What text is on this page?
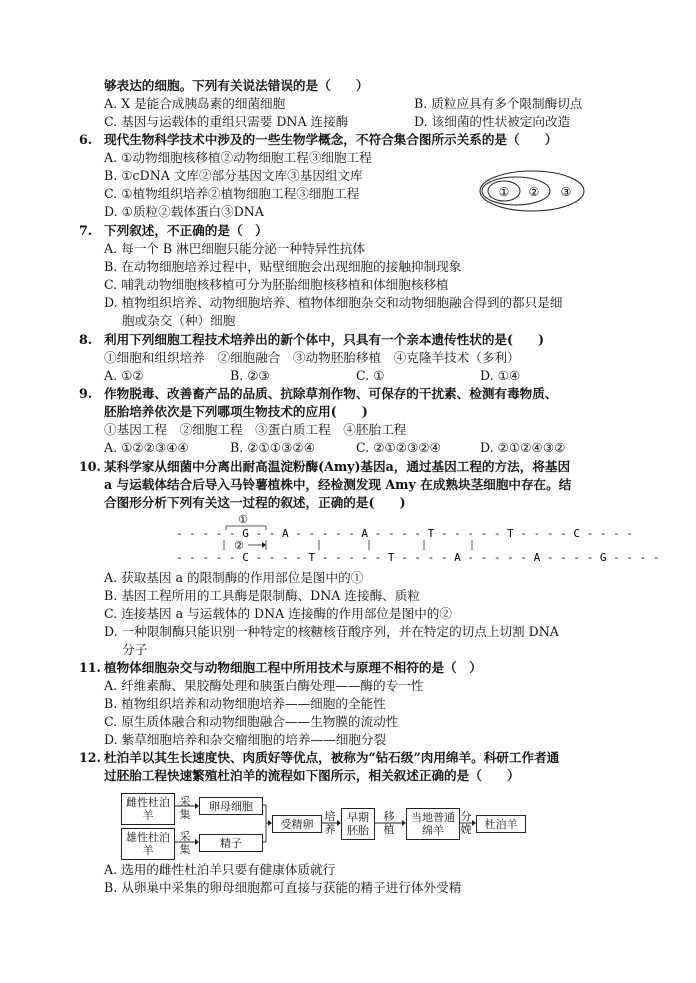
够表达的细胞。下列有关说法错误的是（　　）
A. X 是能合成胰岛素的细菌细胞	B. 质粒应具有多个限制酶切点
C. 基因与运载体的重组只需要 DNA 连接酶	D. 该细菌的性状被定向改造
6. 现代生物科学技术中涉及的一些生物学概念，不符合集合图所示关系的是（　　）
A. ①动物细胞核移植②动物细胞工程③细胞工程
B. ①cDNA 文库②部分基因文库③基因组文库
C. ①植物组织培养②植物细胞工程③细胞工程
D. ①质粒②载体蛋白③DNA
① ② ③
7. 下列叙述，不正确的是（　）
A. 每一个 B 淋巴细胞只能分泌一种特异性抗体
B. 在动物细胞培养过程中，贴壁细胞会出现细胞的接触抑制现象
C. 哺乳动物细胞核移植可分为胚胎细胞核移植和体细胞核移植
D. 植物组织培养、动物细胞培养、植物体细胞杂交和动物细胞融合得到的都只是细
胞或杂交（种）细胞
8. 利用下列细胞工程技术培养出的新个体中，只具有一个亲本遗传性状的是(　　)
①细胞和组织培养　②细胞融合　③动物胚胎移植　④克隆羊技术（多利）
A. ①②	B. ②③	C. ①	D. ①④
9. 作物脱毒、改善畜产品的品质、抗除草剂作物、可保存的干扰素、检测有毒物质、
胚胎培养依次是下列哪项生物技术的应用(　　)
①基因工程　②细胞工程　③蛋白质工程　④胚胎工程
A. ①②②③④④	B. ②①①③②④	C. ②①②③②④	D. ②①②④③②
10. 某科学家从细菌中分离出耐高温淀粉酶(Amy)基因a，通过基因工程的方法，将基因
a 与运载体结合后导入马铃薯植株中，经检测发现 Amy 在成熟块茎细胞中存在。结
合图形分析下列有关这一过程的叙述，正确的是(　　)
①
- - - - - G - - A - - - - - A - - - - T - - - - - T - - - - C - - - -
②
- - - - - C - - - - T - - - - - T - - - - A - - - - - A - - - - G - - - -
A. 获取基因 a 的限制酶的作用部位是图中的①
B. 基因工程所用的工具酶是限制酶、DNA 连接酶、质粒
C. 连接基因 a 与运载体的 DNA 连接酶的作用部位是图中的②
D. 一种限制酶只能识别一种特定的核糖核苷酸序列，并在特定的切点上切割 DNA
分子
11. 植物体细胞杂交与动物细胞工程中所用技术与原理不相符的是（　）
A. 纤维素酶、果胶酶处理和胰蛋白酶处理——酶的专一性
B. 植物组织培养和动物细胞培养——细胞的全能性
C. 原生质体融合和动物细胞融合——生物膜的流动性
D. 紫草细胞培养和杂交瘤细胞的培养——细胞分裂
12. 杜泊羊以其生长速度快、肉质好等优点，被称为“钻石级”肉用绵羊。科研工作者通
过胚胎工程快速繁殖杜泊羊的流程如下图所示，相关叙述正确的是（　　）
雌性杜泊羊
采集
卵母细胞
雄性杜泊羊
采集	精子
受精卵
培养
早期胚胎
移植
当地普通绵羊
分娩	杜泊羊
A. 选用的雌性杜泊羊只要有健康体质就行
B. 从卵巢中采集的卵母细胞都可直接与获能的精子进行体外受精
